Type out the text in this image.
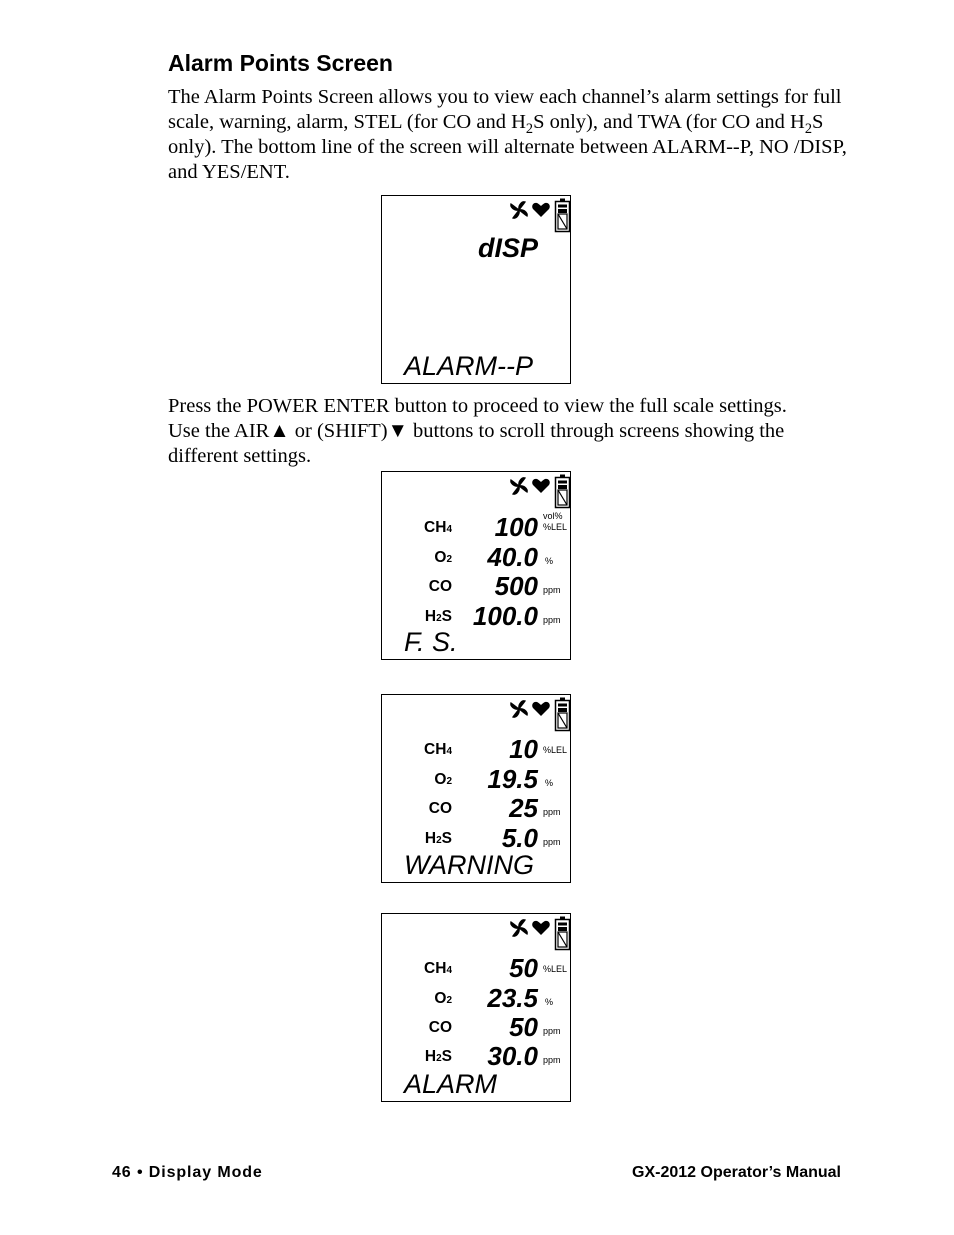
Alarm Points Screen

The Alarm Points Screen allows you to view each channel’s alarm settings for full scale, warning, alarm, STEL (for CO and $H_2S$ only), and TWA (for CO and $H_2S$ only). The bottom line of the screen will alternate between ALARM--P, NO /DISP, and YES/ENT.

dISP
ALARM--P

Press the POWER ENTER button to proceed to view the full scale settings.
Use the AIR▲ or (SHIFT)▼ buttons to scroll through screens showing the
different settings.

CH4 100 vol%
%LEL
O2 40.0 %
CO 500 ppm
H2S 100.0 ppm
F. S.
CH4 10 %LEL
O2 19.5 %
CO 25 ppm
H2S 5.0 ppm
WARNING
CH4 50 %LEL
O2 23.5 %
CO 50 ppm
H2S 30.0 ppm
ALARM
46 • Display Mode	GX-2012 Operator’s Manual
